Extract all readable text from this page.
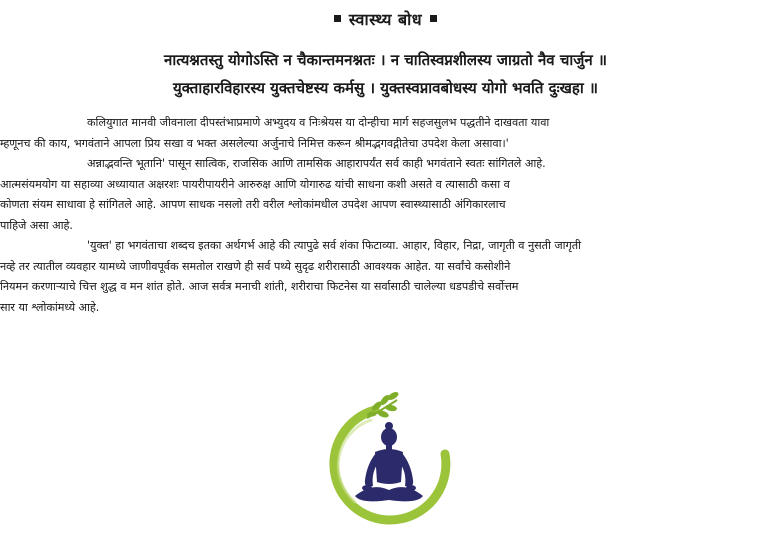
स्वास्थ्य बोध
नात्यश्नतस्तु योगोऽस्ति न चैकान्तमनश्नतः । न चातिस्वप्नशीलस्य जाग्रतो नैव चार्जुन ॥
युक्ताहारविहारस्य युक्तचेष्टस्य कर्मसु । युक्तस्वप्नावबोधस्य योगो भवति दुःखहा ॥
कलियुगात मानवी जीवनाला दीपस्तंभाप्रमाणे अभ्युदय व निःश्रेयस या दोन्हीचा मार्ग सहजसुलभ पद्धतीने दाखवता यावा
म्हणूनच की काय, भगवंताने आपला प्रिय सखा व भक्त असलेल्या अर्जुनाचे निमित्त करून श्रीमद्भगवद्गीतेचा उपदेश केला असावा।'
अन्नाद्भवन्ति भूतानि' पासून सात्विक, राजसिक आणि तामसिक आहारापर्यंत सर्व काही भगवंताने स्वतः सांगितले आहे.
आत्मसंयमयोग या सहाव्या अध्यायात अक्षरशः पायरीपायरीने आरुरुक्ष आणि योगारुढ यांची साधना कशी असते व त्यासाठी कसा व
कोणता संयम साधावा हे सांगितले आहे. आपण साधक नसलो तरी वरील श्लोकांमधील उपदेश आपण स्वास्थ्यासाठी अंगिकारलाच
पाहिजे असा आहे.
'युक्त' हा भगवंताचा शब्दच इतका अर्थगर्भ आहे की त्यापुढे सर्व शंका फिटाव्या. आहार, विहार, निद्रा, जागृती व नुसती जागृती
नव्हे तर त्यातील व्यवहार यामध्ये जाणीवपूर्वक समतोल राखणे ही सर्व पथ्ये सुदृढ शरीरासाठी आवश्यक आहेत. या सर्वांचे कसोशीने
नियमन करणाऱ्याचे चित्त शुद्ध व मन शांत होते. आज सर्वत्र मनाची शांती, शरीराचा फिटनेस या सर्वासाठी चालेल्या धडपडीचे सर्वोत्तम
सार या श्लोकांमध्ये आहे.
